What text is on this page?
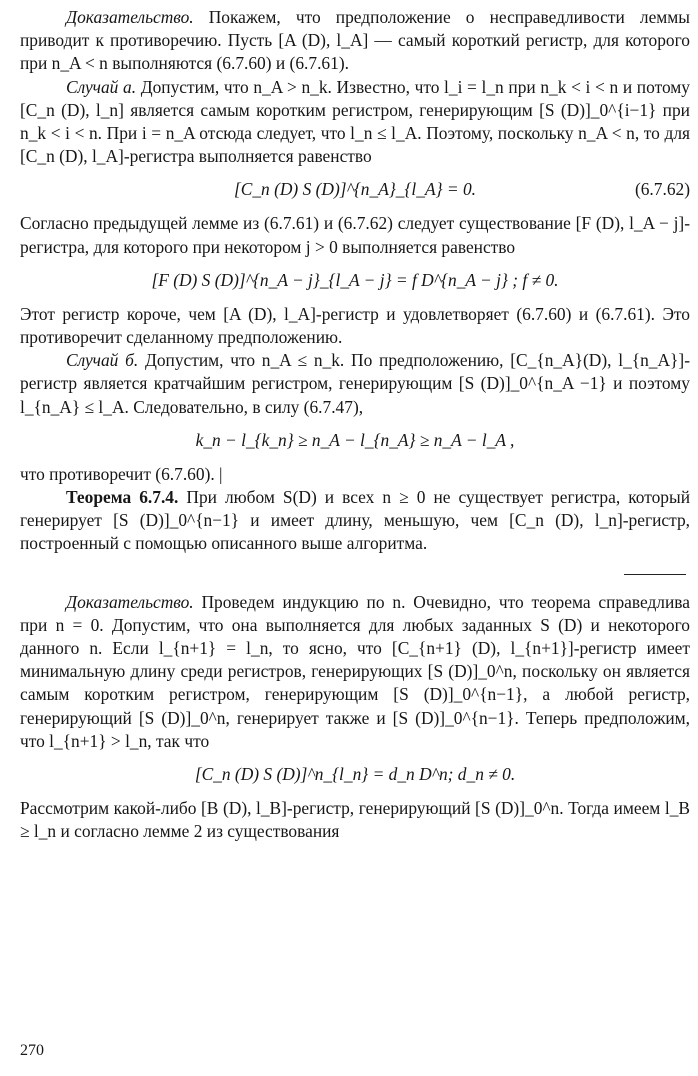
Доказательство. Покажем, что предположение о несправедливости леммы приводит к противоречию. Пусть [A (D), l_A] — самый короткий регистр, для которого при n_A < n выполняются (6.7.60) и (6.7.61).

Случай а. Допустим, что n_A > n_k. Известно, что l_i = l_n при n_k < i < n и потому [C_n (D), l_n] является самым коротким регистром, генерирующим [S (D)]_0^{i−1} при n_k < i < n. При i = n_A отсюда следует, что l_n ≤ l_A. Поэтому, поскольку n_A < n, то для [C_n (D), l_A]-регистра выполняется равенство

[C_n (D) S (D)]^{n_A}_{l_A} = 0.	(6.7.62)

Согласно предыдущей лемме из (6.7.61) и (6.7.62) следует существование [F (D), l_A − j]-регистра, для которого при некотором j > 0 выполняется равенство

[F (D) S (D)]^{n_A − j}_{l_A − j} = f D^{n_A − j} ; f ≠ 0.

Этот регистр короче, чем [A (D), l_A]-регистр и удовлетворяет (6.7.60) и (6.7.61). Это противоречит сделанному предположению.

Случай б. Допустим, что n_A ≤ n_k. По предположению, [C_{n_A}(D), l_{n_A}]-регистр является кратчайшим регистром, генерирующим [S (D)]_0^{n_A −1} и поэтому l_{n_A} ≤ l_A. Следовательно, в силу (6.7.47),

k_n − l_{k_n} ≥ n_A − l_{n_A} ≥ n_A − l_A ,

что противоречит (6.7.60). |

Теорема 6.7.4. При любом S(D) и всех n ≥ 0 не существует регистра, который генерирует [S (D)]_0^{n−1} и имеет длину, меньшую, чем [C_n (D), l_n]-регистр, построенный с помощью описанного выше алгоритма.

Доказательство. Проведем индукцию по n. Очевидно, что теорема справедлива при n = 0. Допустим, что она выполняется для любых заданных S (D) и некоторого данного n. Если l_{n+1} = l_n, то ясно, что [C_{n+1} (D), l_{n+1}]-регистр имеет минимальную длину среди регистров, генерирующих [S (D)]_0^n, поскольку он является самым коротким регистром, генерирующим [S (D)]_0^{n−1}, а любой регистр, генерирующий [S (D)]_0^n, генерирует также и [S (D)]_0^{n−1}. Теперь предположим, что l_{n+1} > l_n, так что

[C_n (D) S (D)]^n_{l_n} = d_n D^n; d_n ≠ 0.

Рассмотрим какой-либо [B (D), l_B]-регистр, генерирующий [S (D)]_0^n. Тогда имеем l_B ≥ l_n и согласно лемме 2 из существования

270
